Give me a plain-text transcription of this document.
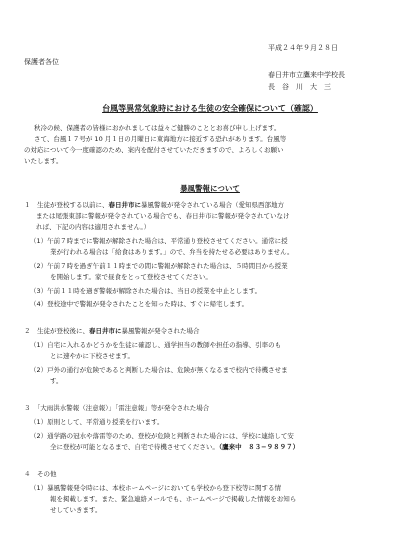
平成２４年９月２８日
保護者各位
春日井市立鷹来中学校長
長　谷　川　大　三
台風等異常気象時における生徒の安全確保について（確認）
秋冷の候、保護者の皆様におかれましては益々ご健勝のこととお喜び申し上げます。
さて、台風１７号が 10 月１日の月曜日に東海地方に接近する恐れがあります。台風等
の対応について今一度確認のため、案内を配付させていただきますので、よろしくお願い
いたします。
暴風警報について
１　生徒が登校する以前に、春日井市に暴風警報が発令されている場合（愛知県西部地方
または尾張東部に警報が発令されている場合でも、春日井市に警報が発令されていなけ
れば、下記の内容は適用されません。）
（1）午前７時までに警報が解除された場合は、平常通り登校させてください。通常に授
業が行われる場合は「給食はあります。」ので、弁当を持たせる必要はありません。
（2）午前７時を過ぎ午前１１時までの間に警報が解除された場合は、５時間目から授業
を開始します。家で昼食をとって登校させてください。
（3）午前１１時を過ぎ警報が解除された場合は、当日の授業を中止とします。
（4）登校途中で警報が発令されたことを知った時は、すぐに帰宅します。
２　生徒が登校後に、春日井市に暴風警報が発令された場合
（1）自宅に入れるかどうかを生徒に確認し、通学担当の教師や担任の指導、引率のも
とに速やかに下校させます。
（2）戸外の通行が危険であると判断した場合は、危険が無くなるまで校内で待機させま
す。
３　「大雨洪水警報（注意報）」「雷注意報」等が発令された場合
（1）原則として、平常通り授業を行います。
（2）通学路の冠水や落雷等のため、登校が危険と判断された場合には、学校に連絡して安
全に登校が可能となるまで、自宅で待機させてください。（鷹来中　８３−９８９７）
４　その他
（1）暴風警報発令時には、本校ホームページにおいても学校から登下校等に関する情
報を掲載します。また、緊急連絡メールでも、ホームページで掲載した情報をお知ら
せしていきます。
